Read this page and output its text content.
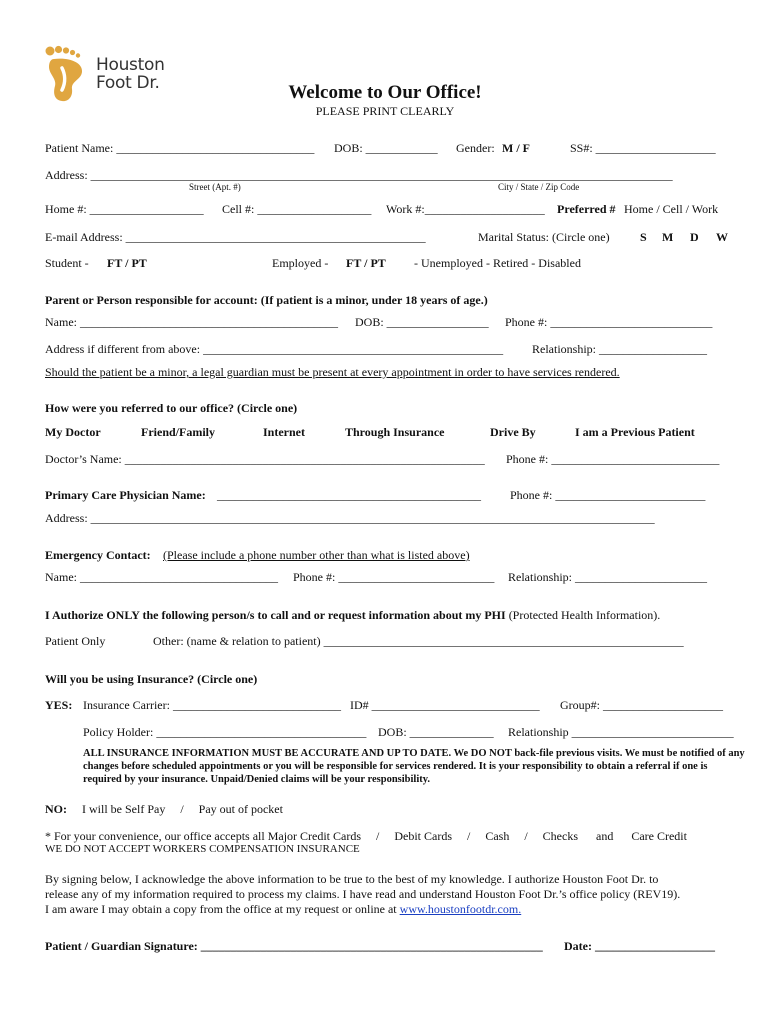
Houston
Foot Dr.	Welcome to Our Office!
PLEASE PRINT CLEARLY
Patient Name: _________________________________ DOB: ____________ Gender: M / F	SS#: ____________________
Address: _________________________________________________________________________________________________
Street (Apt. #)	City / State / Zip Code
Home #: ___________________ Cell #: ___________________ Work #:____________________ Preferred # Home / Cell / Work
E-mail Address: __________________________________________________	Marital Status: (Circle one)	S M D W
Student - FT / PT	Employed - FT / PT - Unemployed - Retired - Disabled
Parent or Person responsible for account: (If patient is a minor, under 18 years of age.)
Name: ___________________________________________ DOB: _________________ Phone #: ___________________________
Address if different from above: __________________________________________________ Relationship: __________________
Should the patient be a minor, a legal guardian must be present at every appointment in order to have services rendered.
How were you referred to our office? (Circle one)
My Doctor	Friend/Family	Internet	Through Insurance	Drive By	I am a Previous Patient
Doctor’s Name: ____________________________________________________________ Phone #: ____________________________
Primary Care Physician Name: ____________________________________________ Phone #: _________________________
Address: ______________________________________________________________________________________________
Emergency Contact: (Please include a phone number other than what is listed above)
Name: _________________________________ Phone #: __________________________ Relationship: ______________________
I Authorize ONLY the following person/s to call and or request information about my PHI (Protected Health Information).
Patient Only	Other: (name & relation to patient) ____________________________________________________________
Will you be using Insurance? (Circle one)
YES: Insurance Carrier: ____________________________ ID# ____________________________ Group#: ____________________
Policy Holder: ___________________________________ DOB: ______________ Relationship ___________________________
ALL INSURANCE INFORMATION MUST BE ACCURATE AND UP TO DATE. We DO NOT back-file previous visits. We must be notified of any changes before scheduled appointments or you will be responsible for services rendered. It is your responsibility to obtain a referral if one is required by your insurance. Unpaid/Denied claims will be your responsibility.
NO: I will be Self Pay     /     Pay out of pocket
* For your convenience, our office accepts all Major Credit Cards     /     Debit Cards     /     Cash     /     Checks      and      Care Credit
WE DO NOT ACCEPT WORKERS COMPENSATION INSURANCE
By signing below, I acknowledge the above information to be true to the best of my knowledge. I authorize Houston Foot Dr. to
release any of my information required to process my claims. I have read and understand Houston Foot Dr.’s office policy (REV19).
I am aware I may obtain a copy from the office at my request or online at www.houstonfootdr.com.
Patient / Guardian Signature: _________________________________________________________ Date: ____________________
